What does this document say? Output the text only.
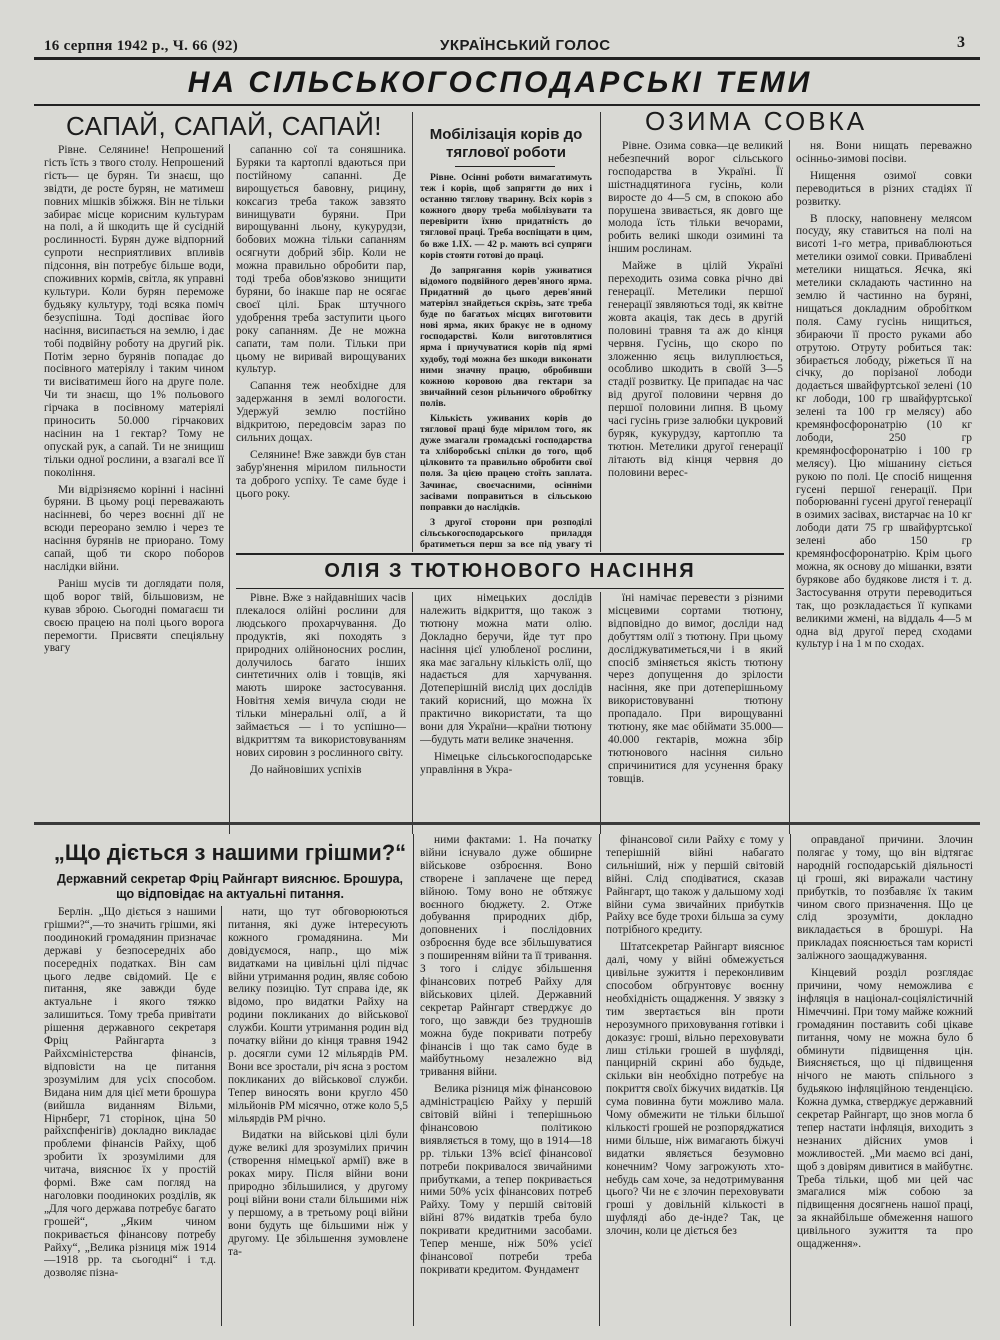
16 серпня 1942 р., Ч. 66 (92)	УКРАЇНСЬКИЙ ГОЛОС	3
НА СІЛЬСЬКОГОСПОДАРСЬКІ ТЕМИ
САПАЙ, САПАЙ, САПАЙ!

Рівне. Селянине! Непрошений гість їсть з твого столу. Непрошений гість— це бурян. Ти знаєш, що звідти, де росте бурян, не матимеш повних мішків збіжжя. Він не тільки забирає місце корисним культурам на полі, а й шкодить ще й сусідній рослинності. Бурян дуже відпорний супроти несприятливих впливів підсоння, він потребує більше води, споживних кормів, світла, як управні культури. Коли бурян переможе будьяку культуру, тоді всяка поміч безуспішна. Тоді доспіває його насіння, висипається на землю, і дає тобі подвійну роботу на другий рік. Потім зерно бурянів попадає до посівного матеріялу і таким чином ти висіватимеш його на друге поле. Чи ти знаєш, що 1% польового гірчака в посівному матеріялі приносить 50.000 гірчакових насінин на 1 гектар? Тому не опускай рук, а сапай. Ти не знищиш тільки одної рослини, а взагалі все її покоління.

Ми відрізняємо корінні і насінні буряни. В цьому році переважають насінневі, бо через воєнні дії не всюди переорано землю і через те насіння бурянів не приорано. Тому сапай, щоб ти скоро поборов наслідки війни.

Раніш мусів ти доглядати поля, щоб ворог твій, більшовизм, не кував зброю. Сьогодні помагаєш ти своєю працею на полі цього ворога перемогти. Присвяти спеціяльну увагу

сапанню сої та соняшника. Буряки та картоплі вдаються при постійному сапанні. Де вирощується бавовну, рицину, коксагиз треба також завзято винищувати буряни. При вирощуванні льону, кукурудзи, бобових можна тільки сапанням осягнути добрий збір. Коли не можна правильно обробити пар, тоді треба обов'язково знищити буряни, бо інакше пар не осягає своєї цілі. Брак штучного удобрення треба заступити цього року сапанням. Де не можна сапати, там поли. Тільки при цьому не виривай вирощуваних культур.

Сапання теж необхідне для задержання в землі вологости. Удержуй землю постійно відкритою, передовсім зараз по сильних дощах.

Селянине! Вже завжди був стан забур'янення мірилом пильности та доброго успіху. Те саме буде і цього року.

Мобілізація корів до тяглової роботи

Рівне. Осінні роботи вимагатимуть теж і корів, щоб запрягти до них і останню тяглову тварину. Всіх корів з кожного двору треба мобілізувати та перевірити їхню придатність до тяглової праці. Треба воспіщати в цим, бо вже 1.IX. — 42 р. мають всі супряги корів стояти готові до праці.

До запрягання корів уживатися відомого подвійного дерев'яного ярма. Придатний до цього дерев'яний матеріял знайдеться скрізь, затє треба буде по багатьох місцях виготовити нові ярма, яких бракує не в одному господарстві. Коли виготовлятися ярма і приучуватися корів під ярмі худобу, тоді можна без шкоди виконати ними значну працю, обробивши кожною коровою два гектари за звичайний сезон рільничого обробітку полів.

Кількість уживаних корів до тяглової праці буде мірилом того, як дуже змагали громадські господарства та хліборобські спілки до того, щоб цілковито та правильно обробити свої поля. За цією працею стоїть заплата. Зачинає, своєчасними, осінніми засівами поправиться в сільською поправки до наслідків.

З другої сторони при розподілі сільськогосподарського приладдя братиметься перш за все під увагу ті

ОЗИМА СОВКА

Рівне. Озима совка—це великий небезпечний ворог сільського господарства в Україні. Її шістнадцятиногa гусінь, коли виросте до 4—5 см, в спокою або порушена звивається, як довго ще молода їсть тільки вечорами, робить великі шкоди озимині та іншим рослинам.

Майже в цілій Україні переходить озима совка річно дві генерації. Метелики першої генерації зявляються тоді, як квітне жовта акація, так десь в другій половині травня та аж до кінця червня. Гусінь, що скоро по зложенню яєць вилуплюється, особливо шкодить в своїй 3—5 стадії розвитку. Це припадає на час від другої половини червня до першої половини липня. В цьому часі гусінь гризе залюбки цукровий буряк, кукурудзу, картоплю та тютюн. Метелики другої генерації літають від кінця червня до половини верес-

ня. Вони нищать переважно осінньо-зимові посіви.

Нищення озимої совки переводиться в різних стадіях її розвитку.

В плоску, наповнену мелясом посуду, яку ставиться на полі на висоті 1-го метра, приваблюються метелики озимої совки. Приваблені метелики нищаться. Яєчка, які метелики складають частинно на землю й частинно на бурянi, нищаться докладним обробітком поля. Саму гусінь нищиться, збираючи її просто руками або отрутою. Отруту робиться так: збирається лободу, ріжеться її на січку, до порізаної лободи додається швайфуртської зелені (10 кг лободи, 100 гр швайфуртської зелені та 100 гр меляcу) або кремянфосфоронатрію (10 кг лободи, 250 гр кремянфосфоронатрію і 100 гр меляcу). Цю мішанину сіється рукою по полі. Це спосіб нищення гусені першої генерації. При поборюванні гусені другої генерації в озимих засівах, вистарчає на 10 кг лободи дати 75 гр швайфуртської зелені або 150 гр кремянфосфоронатрію. Крім цього можна, як основу до мішанки, взяти бурякове або будякове листя і т. д. Застосування отрути переводиться так, що розкладається її купками великими жмені, на віддаль 4—5 м одна від другої перед сходами культур і на 1 м по сходах.

ОЛІЯ З ТЮТЮНОВОГО НАСІННЯ

Рівне. Вже з найдавніших часів плекалося олійні рослини для людського прохарчування. До продуктів, які походять з природних олійноносних рослин, долучилось багато інших синтетичних олів і товщів, які мають широке застосування. Новітня хемія вичула сюди не тільки мінеральні олії, а й займається — і то успішно—відкриттям та використовуванням нових сировин з рослинного світу.

До найновіших успіхів

цих німецьких дослідів належить відкриття, що також з тютюну можна мати олію. Докладно беручи, йде тут про насіння цієї улюбленої рослини, яка має загальну кількість олії, що надається для харчування. Дотеперішній вислід цих дослідів такий корисний, що можна їх практично використати, та що вони для України—країни тютюну—будуть мати велике значення.

Німецьке сільськогосподарське управління в Укра-

їні намічає перевести з різними місцевими сортами тютюну, відповідно до вимог, досліди над добуттям олії з тютюну. При цьому досліджуватиметься,чи і в який спосіб зміняється якість тютюну через допущення до зрілости насіння, яке при дотеперішньому використовуванні тютюну пропадало. При вирощуванні тютюну, яке має обіймати 35.000—40.000 гектарів, можна збір тютюнового насіння сильно спричинитися для усунення браку товщів.

„Що діється з нашими грішми?“
Державний секретар Фріц Райнгарт вияснює. Брошура, що відповідає на актуальні питання.

Берлін. „Що діється з нашими грішми?“,—то значить грішми, які поодинокий громадянин призначає державі у безпосередніх або посередніх податках. Він сам цього ледве свідомий. Це є питання, яке завжди буде актуальне і якого тяжко залишиться. Тому треба привітати рішення державного секретаря Фріц Райнгарта з Райхсміністерства фінансів, відповісти на це питання зрозумілим для усіх способом. Видана ним для цієї мети брошура (вийшла виданням Вільми, Нірнберг, 71 сторінок, ціна 50 райхспфенігів) докладно викладає проблеми фінансів Райху, щоб зробити їх зрозумілими для читача, вияснює їх у простій формі. Вже сам погляд на наголовки поодиноких розділів, як „Для чого держава потребує багато грошей“, „Яким чином покривається фінансову потребу Райху“, „Велика різниця між 1914—1918 рр. та сьогодні“ і т.д. дозволяє пізна-

нати, що тут обговорюються питання, які дуже інтересують кожного громадянина. Ми довідуємося, напр., що між видатками на цивільні цілі підчас війни утримання родин, являє собою велику позицію. Тут справа іде, як відомо, про видатки Райху на родини покликаних до військової служби. Кошти утримання родин від початку війни до кінця травня 1942 р. досягли суми 12 мільярдів РМ. Вони все зростали, річ ясна з ростом покликаних до військової служби. Тепер виносять вони круглo 450 мільйонів РМ місячно, отже коло 5,5 мільярдів РМ річно.

Видатки на військові цілі були дуже великі для зрозумілих причин (створення німецької армії) вже в роках миру. Після війни вони природно збільшилися, у другому році війни вони стали більшими ніж у першому, а в третьому році війни вони будуть ще більшими ніж у другому. Це збільшення зумовлене та-

ними фактами: 1. На початку війни існувало дуже обширне військове озброєння. Воно створене і заплачене ще перед війною. Тому воно не обтяжує воєнного бюджету. 2. Отже добування природних дібр, доповнених і послідовних озброєння буде все збільшуватися з поширенням війни та її тривання. З того і слідує збільшення фінансових потреб Райху для військових цілей. Державний секретар Райнгарт стверджує до того, що завжди без трудношів можна буде покривати потребу фінансів і що так само буде в майбутньому незалежно від тривання війни.

Велика різниця між фінансовою адміністрацією Райху у першій світовій війні і теперішньою фінансовою політикою виявляється в тому, що в 1914—18 рр. тільки 13% всієї фінансової потреби покривалося звичайними прибутками, а тепер покривається ними 50% усіх фінансових потреб Райху. Тому у першій світовій війні 87% видатків треба було покривати кредитними засобами. Тепер менше, ніж 50% усієї фінансової потреби треба покривати кредитом. Фундамент

фінансової сили Райху є тому у теперішній війні набагато сильніший, ніж у першій світовій війні. Слід сподіватися, сказав Райнгарт, що також у дальшому ході війни сума звичайних прибутків Райху все буде трохи більша за суму потрібного кредиту.

Штатсекретар Райнгарт вияснює далі, чому у війні обмежується цивільне зужиття і переконливим способом обґрунтовує воєнну необхідність ощадження. У звязку з тим звертається він проти нерозумного приховування готівки і доказує: гроші, вільно переховувати лиш стільки грошей в шуфляді, панцирній скрині або будьде, скільки він необхідно потребує на покриття своїх біжучих видатків. Ця сума повинна бути можливо мала. Чому обмежити не тільки більшої кількості грошей не розпоряджатися ними більше, ніж вимагають біжучі видатки являється безумовно конечним? Чому загрожують хто-небудь сам хоче, за недотримування цього? Чи не є злочин переховувати гроші у довільній кількості в шуфляді або де-інде? Так, це злочин, коли це діється без

оправданої причини. Злочин полягає у тому, що він відтягає народній господарській діяльності ці гроші, які виражали частину прибутків, то позбавляє їх таким чином свого призначення. Що це слід зрозуміти, докладно викладається в брошурі. На прикладах пояснюється там користі заліжного заощаджування.

Кінцевий розділ розглядає причини, чому неможлива є інфляція в націонал-соціялістичній Німеччині. При тому майже кожний громадянин поставить собі цікаве питання, чому не можна було б обминути підвищення цін. Виясняється, що ці підвищення нічого не мають спільного з будьякою інфляційною тенденцією. Кожна думка, стверджує державний секретар Райнгарт, що знов могла б тепер настати інфляція, виходить з незнаних дійсних умов і можливостей. „Ми маємо всі дані, щоб з довірям дивитися в майбутнє. Треба тільки, щоб ми цей час змагалися між собою за підвищення досягнень нашої праці, за якнайбільше обмеження нашого цивільного зужиття та про ощадження».
